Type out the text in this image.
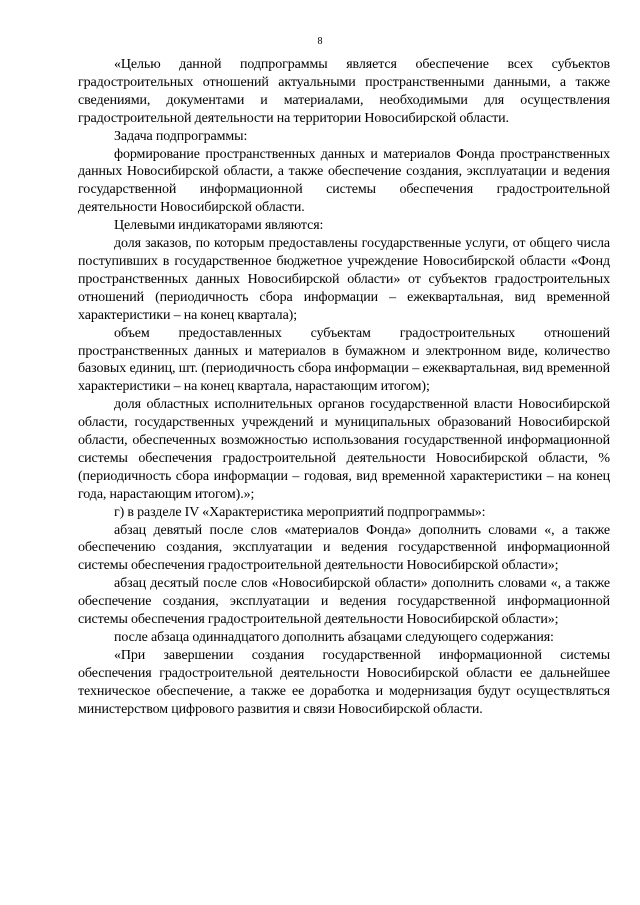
8

«Целью данной подпрограммы является обеспечение всех субъектов градостроительных отношений актуальными пространственными данными, а также сведениями, документами и материалами, необходимыми для осуществления градостроительной деятельности на территории Новосибирской области.

Задача подпрограммы:

формирование пространственных данных и материалов Фонда пространственных данных Новосибирской области, а также обеспечение создания, эксплуатации и ведения государственной информационной системы обеспечения градостроительной деятельности Новосибирской области.

Целевыми индикаторами являются:

доля заказов, по которым предоставлены государственные услуги, от общего числа поступивших в государственное бюджетное учреждение Новосибирской области «Фонд пространственных данных Новосибирской области» от субъектов градостроительных отношений (периодичность сбора информации – ежеквартальная, вид временной характеристики – на конец квартала);

объем предоставленных субъектам градостроительных отношений пространственных данных и материалов в бумажном и электронном виде, количество базовых единиц, шт. (периодичность сбора информации – ежеквартальная, вид временной характеристики – на конец квартала, нарастающим итогом);

доля областных исполнительных органов государственной власти Новосибирской области, государственных учреждений и муниципальных образований Новосибирской области, обеспеченных возможностью использования государственной информационной системы обеспечения градостроительной деятельности Новосибирской области, % (периодичность сбора информации – годовая, вид временной характеристики – на конец года, нарастающим итогом).»;

г) в разделе IV «Характеристика мероприятий подпрограммы»:

абзац девятый после слов «материалов Фонда» дополнить словами «, а также обеспечению создания, эксплуатации и ведения государственной информационной системы обеспечения градостроительной деятельности Новосибирской области»;

абзац десятый после слов «Новосибирской области» дополнить словами «, а также обеспечение создания, эксплуатации и ведения государственной информационной системы обеспечения градостроительной деятельности Новосибирской области»;

после абзаца одиннадцатого дополнить абзацами следующего содержания:

«При завершении создания государственной информационной системы обеспечения градостроительной деятельности Новосибирской области ее дальнейшее техническое обеспечение, а также ее доработка и модернизация будут осуществляться министерством цифрового развития и связи Новосибирской области.
